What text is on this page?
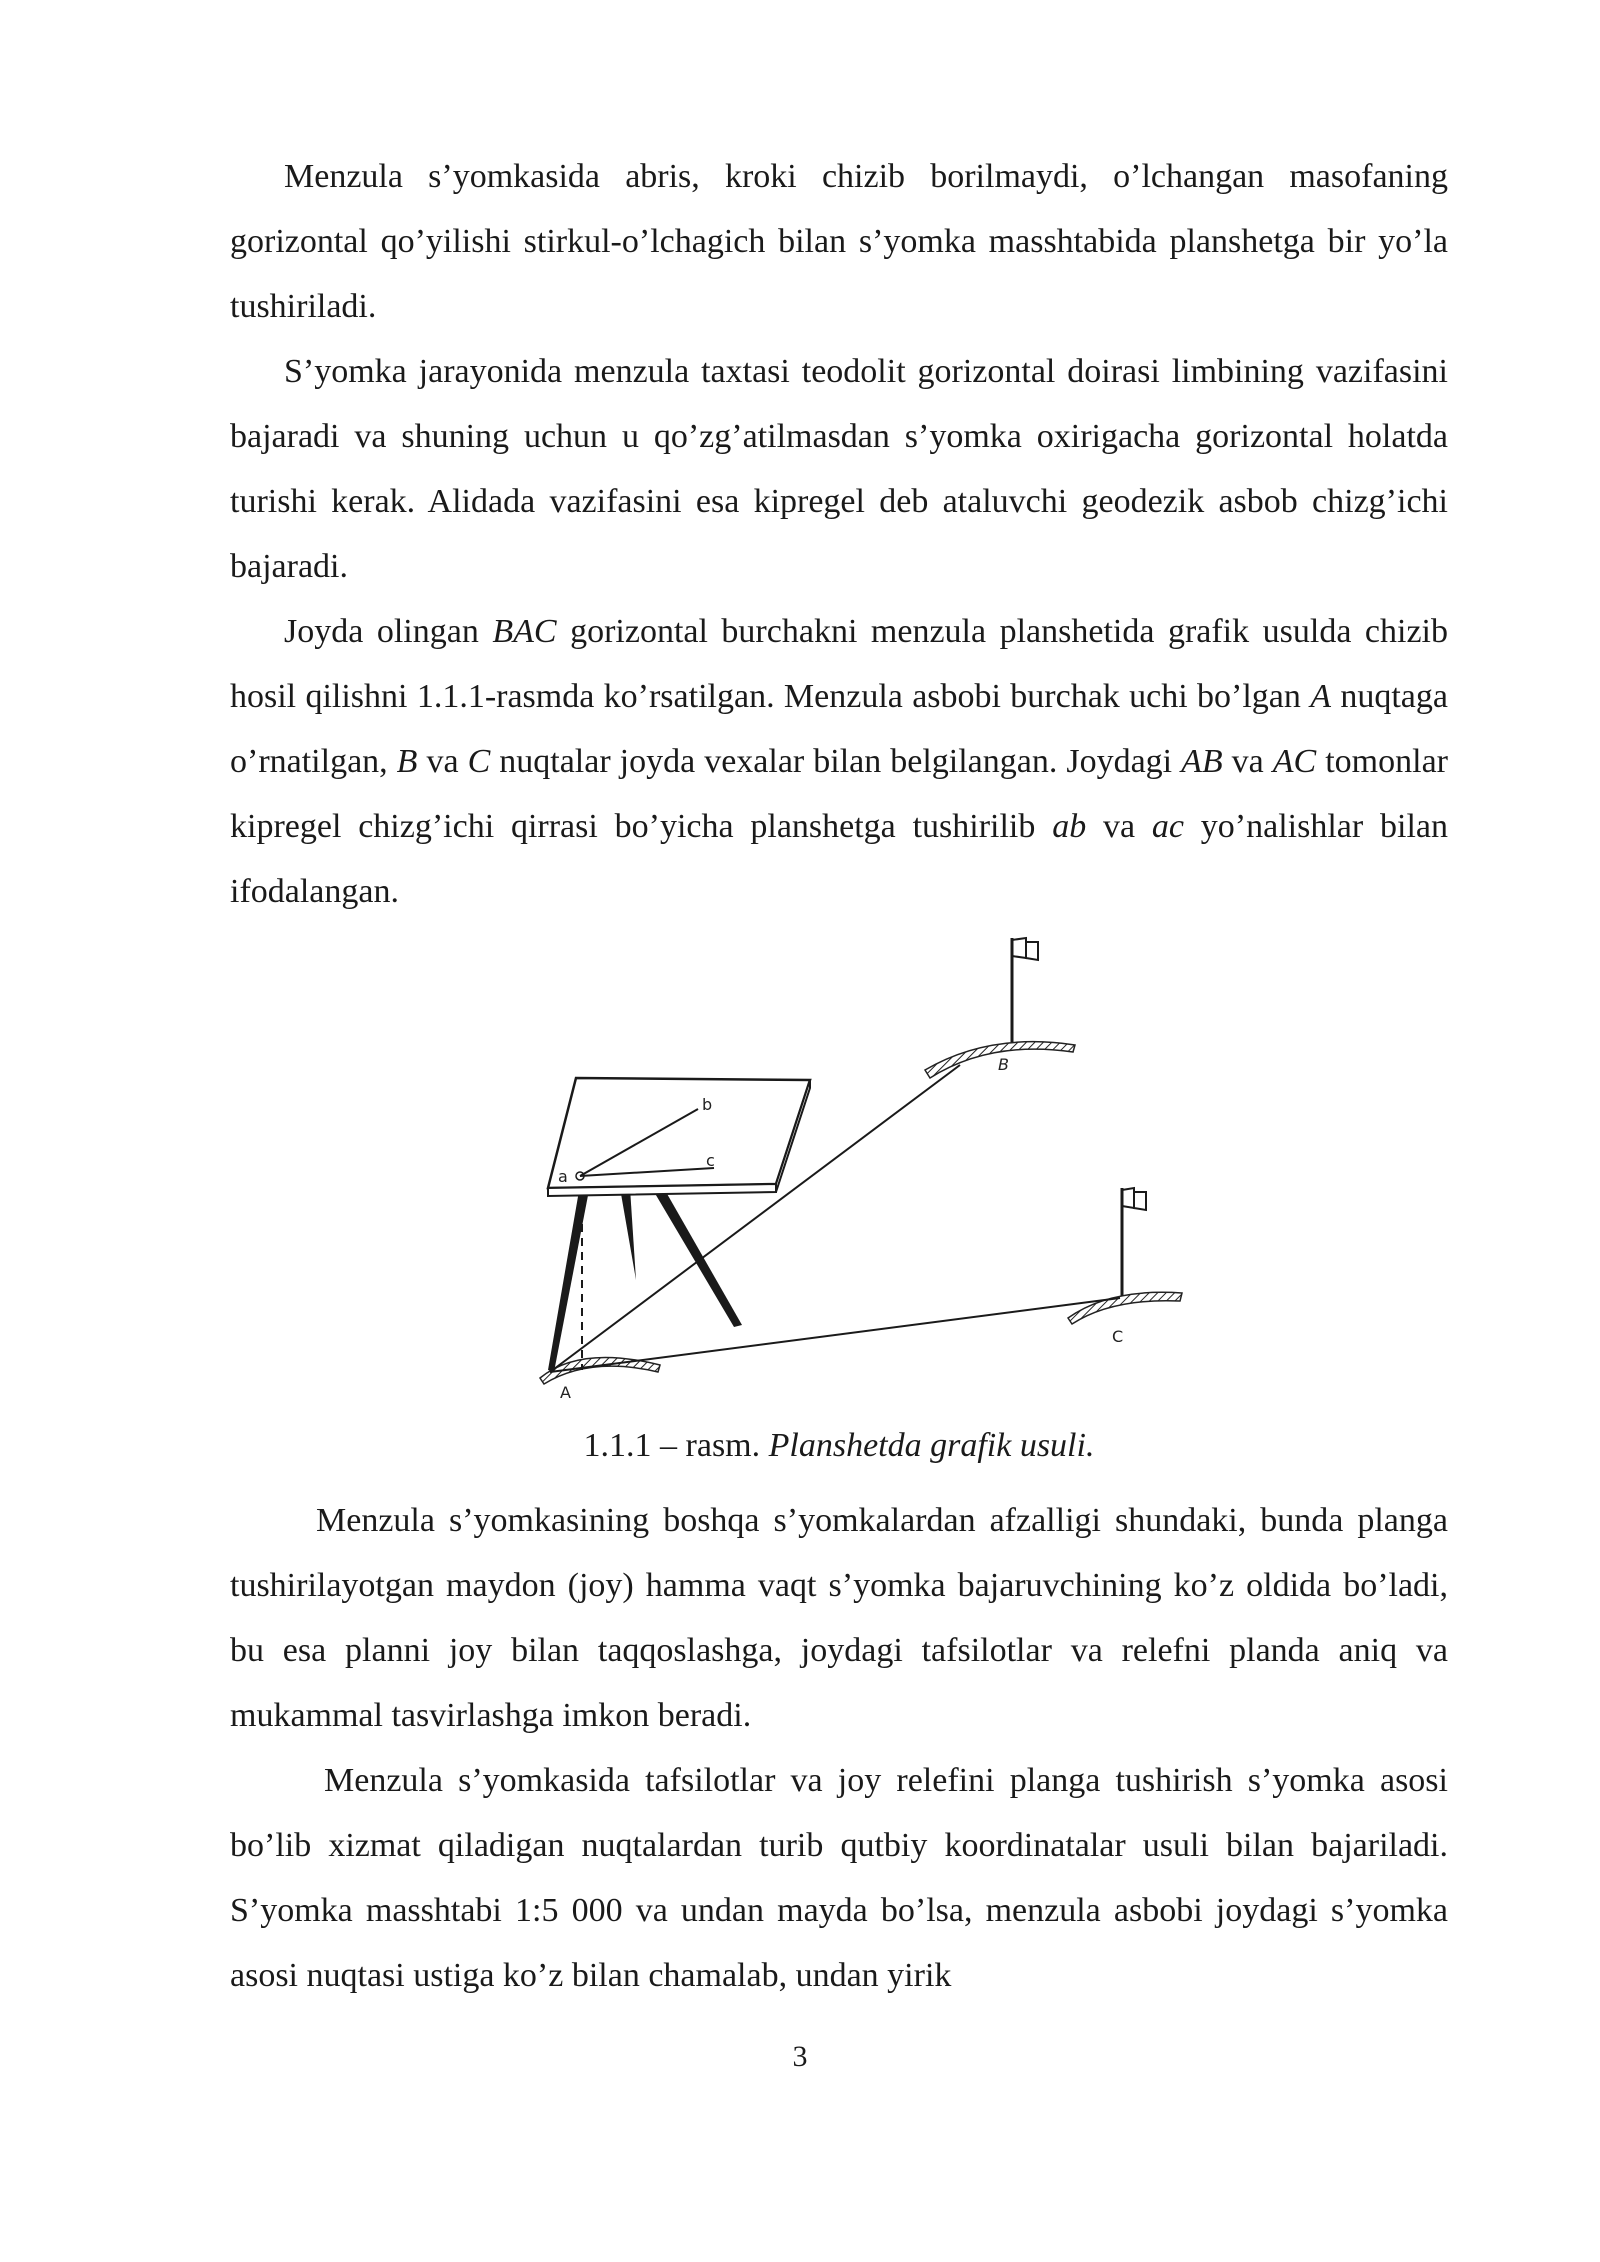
Menzula s’yomkasida abris, kroki chizib borilmaydi, o’lchangan masofaning gorizontal qo’yilishi stirkul-o’lchagich bilan s’yomka masshtabida planshetga bir yo’la tushiriladi.

S’yomka jarayonida menzula taxtasi teodolit gorizontal doirasi limbining vazifasini bajaradi va shuning uchun u qo’zg’atilmasdan s’yomka oxirigacha gorizontal holatda turishi kerak. Alidada vazifasini esa kipregel deb ataluvchi geodezik asbob chizg’ichi bajaradi.

Joyda olingan BAC gorizontal burchakni menzula planshetida grafik usulda chizib hosil qilishni 1.1.1-rasmda ko’rsatilgan. Menzula asbobi burchak uchi bo’lgan A nuqtaga o’rnatilgan, B va C nuqtalar joyda vexalar bilan belgilangan. Joydagi AB va AC tomonlar kipregel chizg’ichi qirrasi bo’yicha planshetga tushirilib ab va ac yo’nalishlar bilan ifodalangan.

A
B
C
a
b
c
1.1.1 – rasm. Planshetda grafik usuli.

Menzula s’yomkasining boshqa s’yomkalardan afzalligi shundaki, bunda planga tushirilayotgan maydon (joy) hamma vaqt s’yomka bajaruvchining ko’z oldida bo’ladi, bu esa planni joy bilan taqqoslashga, joydagi tafsilotlar va relefni planda aniq va mukammal tasvirlashga imkon beradi.

Menzula s’yomkasida tafsilotlar va joy relefini planga tushirish s’yomka asosi bo’lib xizmat qiladigan nuqtalardan turib qutbiy koordinatalar usuli bilan bajariladi. S’yomka masshtabi 1:5 000 va undan mayda bo’lsa, menzula asbobi joydagi s’yomka asosi nuqtasi ustiga ko’z bilan chamalab, undan yirik

3
